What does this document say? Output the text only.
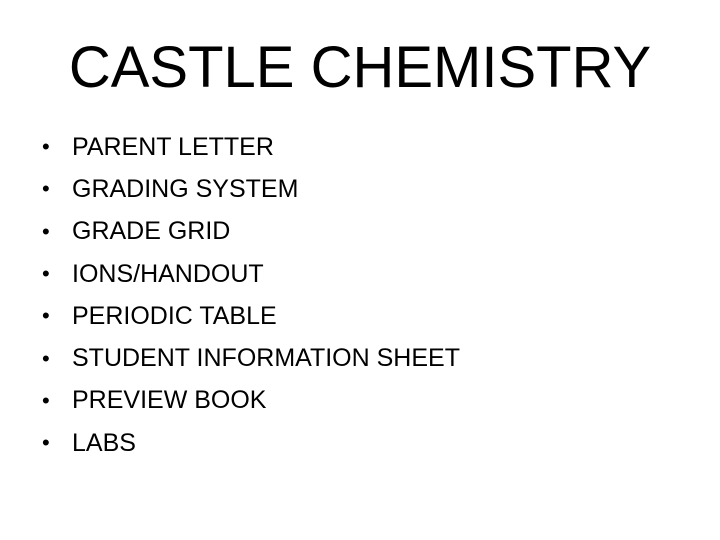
CASTLE CHEMISTRY
• PARENT LETTER
• GRADING SYSTEM
• GRADE GRID
• IONS/HANDOUT
• PERIODIC TABLE
• STUDENT INFORMATION SHEET
• PREVIEW BOOK
• LABS
